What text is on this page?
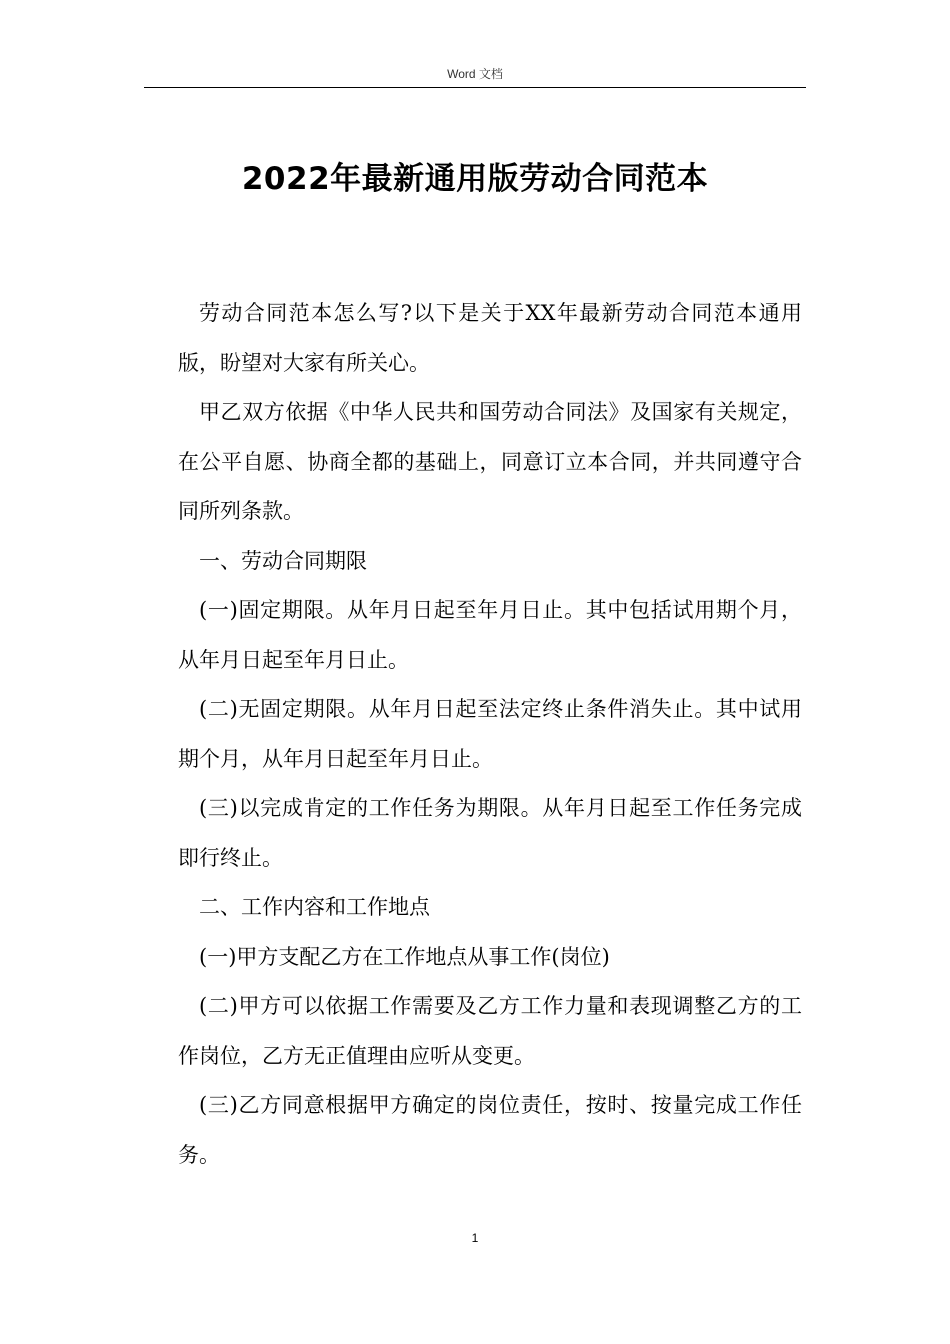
Word 文档
2022年最新通用版劳动合同范本

劳动合同范本怎么写?以下是关于XX年最新劳动合同范本通用版，盼望对大家有所关心。

甲乙双方依据《中华人民共和国劳动合同法》及国家有关规定，在公平自愿、协商全都的基础上，同意订立本合同，并共同遵守合同所列条款。

一、劳动合同期限

(一)固定期限。从年月日起至年月日止。其中包括试用期个月，从年月日起至年月日止。

(二)无固定期限。从年月日起至法定终止条件消失止。其中试用期个月，从年月日起至年月日止。

(三)以完成肯定的工作任务为期限。从年月日起至工作任务完成即行终止。

二、工作内容和工作地点

(一)甲方支配乙方在工作地点从事工作(岗位)

(二)甲方可以依据工作需要及乙方工作力量和表现调整乙方的工作岗位，乙方无正值理由应听从变更。

(三)乙方同意根据甲方确定的岗位责任，按时、按量完成工作任务。

1
